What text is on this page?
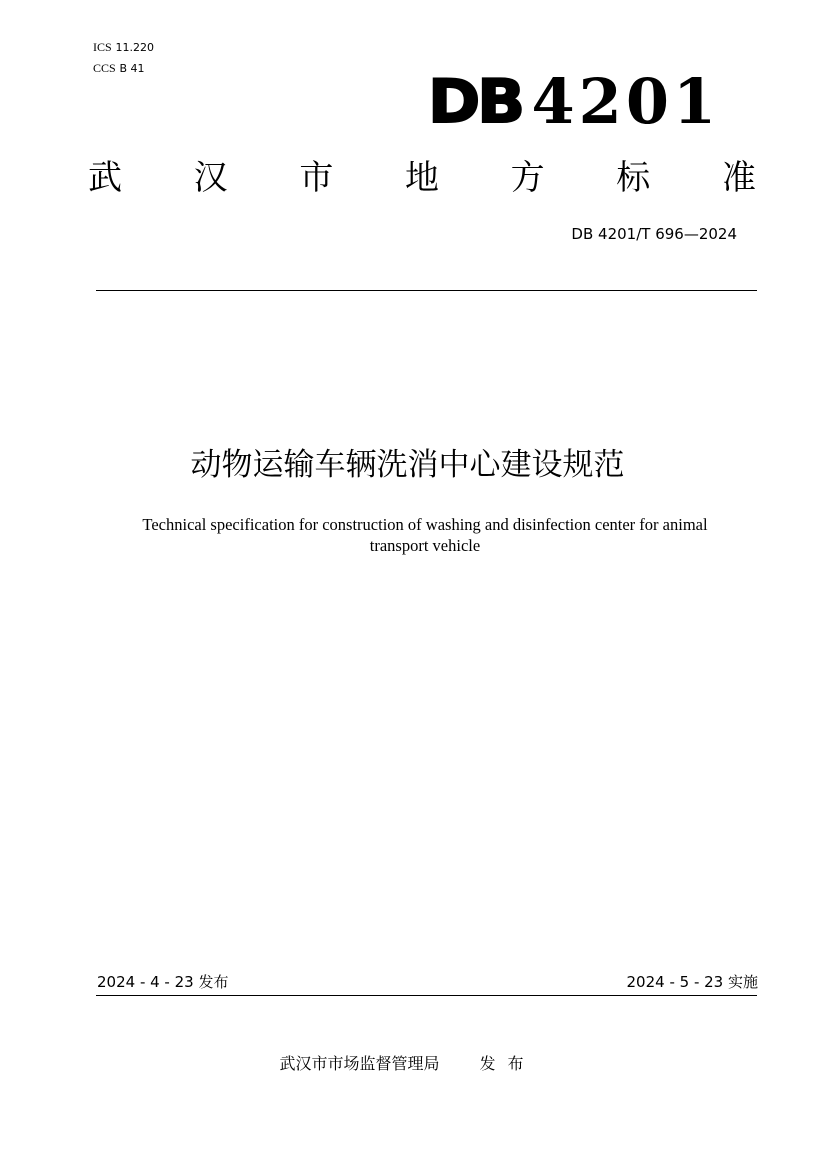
ICS 11.220
CCS B 41	DB 4201
武 汉 市 地 方 标 准
DB 4201/T 696—2024
动物运输车辆洗消中心建设规范
Technical specification for construction of washing and disinfection center for animal
transport vehicle
2024 - 4 - 23 发布	2024 - 5 - 23 实施
武汉市市场监督管理局	发布
